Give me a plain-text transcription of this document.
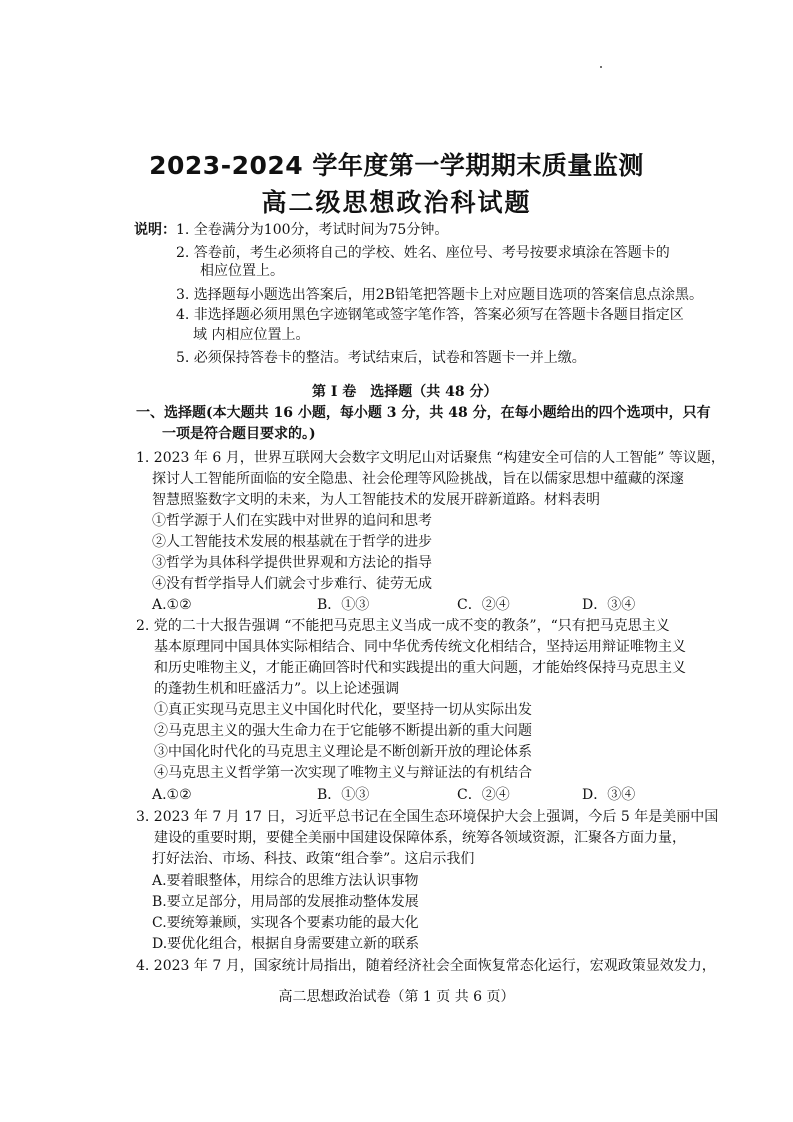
2023-2024 学年度第一学期期末质量监测
高二级思想政治科试题
说明： 1. 全卷满分为100分，考试时间为75分钟。
2. 答卷前，考生必须将自己的学校、姓名、座位号、考号按要求填涂在答题卡的
相应位置上。
3. 选择题每小题选出答案后，用2B铅笔把答题卡上对应题目选项的答案信息点涂黑。
4. 非选择题必须用黑色字迹钢笔或签字笔作答，答案必须写在答题卡各题目指定区
域 内相应位置上。
5. 必须保持答卷卡的整洁。考试结束后，试卷和答题卡一并上缴。
第 I 卷　选择题（共 48 分）
一、选择题(本大题共 16 小题，每小题 3 分，共 48 分，在每小题给出的四个选项中，只有
一项是符合题目要求的。)
1. 2023 年 6 月，世界互联网大会数字文明尼山对话聚焦 “构建安全可信的人工智能” 等议题，
探讨人工智能所面临的安全隐患、社会伦理等风险挑战，旨在以儒家思想中蕴藏的深邃
智慧照鉴数字文明的未来，为人工智能技术的发展开辟新道路。材料表明
①哲学源于人们在实践中对世界的追问和思考
②人工智能技术发展的根基就在于哲学的进步
③哲学为具体科学提供世界观和方法论的指导
④没有哲学指导人们就会寸步难行、徒劳无成
A.①②	B．①③	C．②④	D．③④
2. 党的二十大报告强调 “不能把马克思主义当成一成不变的教条”，“只有把马克思主义
基本原理同中国具体实际相结合、同中华优秀传统文化相结合，坚持运用辩证唯物主义
和历史唯物主义，才能正确回答时代和实践提出的重大问题，才能始终保持马克思主义
的蓬勃生机和旺盛活力”。以上论述强调
①真正实现马克思主义中国化时代化，要坚持一切从实际出发
②马克思主义的强大生命力在于它能够不断提出新的重大问题
③中国化时代化的马克思主义理论是不断创新开放的理论体系
④马克思主义哲学第一次实现了唯物主义与辩证法的有机结合
A.①②	B．①③	C．②④	D．③④
3. 2023 年 7 月 17 日，习近平总书记在全国生态环境保护大会上强调，今后 5 年是美丽中国
建设的重要时期，要健全美丽中国建设保障体系，统筹各领域资源，汇聚各方面力量，
打好法治、市场、科技、政策“组合拳”。这启示我们
A.要着眼整体，用综合的思维方法认识事物
B.要立足部分，用局部的发展推动整体发展
C.要统筹兼顾，实现各个要素功能的最大化
D.要优化组合，根据自身需要建立新的联系
4. 2023 年 7 月，国家统计局指出，随着经济社会全面恢复常态化运行，宏观政策显效发力，
高二思想政治试卷（第 1 页 共 6 页）
